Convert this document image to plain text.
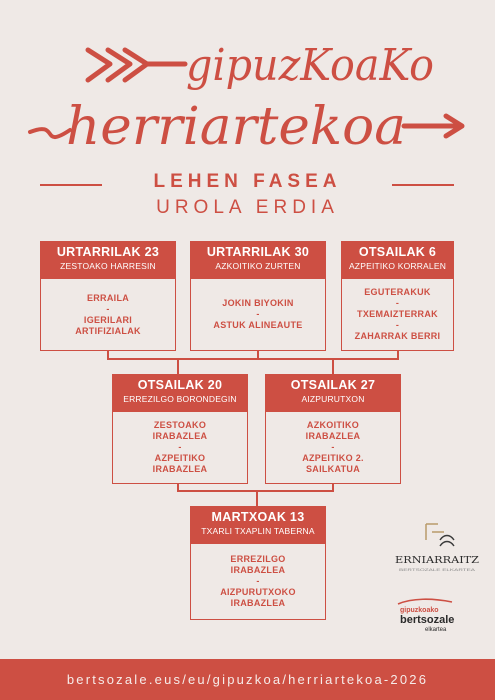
gipuzKoaKo
herriartekoa
LEHEN FASEA
UROLA ERDIA
URTARRILAK 23
ZESTOAKO HARRESIN
ERRAILA
-
IGERILARI
ARTIFIZIALAK
URTARRILAK 30
AZKOITIKO ZURTEN
JOKIN BIYOKIN
-
ASTUK ALINEAUTE
OTSAILAK 6
AZPEITIKO KORRALEN
EGUTERAKUK
-
TXEMAIZTERRAK
-
ZAHARRAK BERRI
OTSAILAK 20
ERREZILGO BORONDEGIN
ZESTOAKO
IRABAZLEA
-
AZPEITIKO
IRABAZLEA
OTSAILAK 27
AIZPURUTXON
AZKOITIKO
IRABAZLEA
-
AZPEITIKO 2.
SAILKATUA
MARTXOAK 13
TXARLI TXAPLIN TABERNA
ERREZILGO
IRABAZLEA
-
AIZPURUTXOKO
IRABAZLEA
ERNIARRAITZ
BERTSOZALE ELKARTEA
gipuzkoako
bertsozale
elkartea
bertsozale.eus/eu/gipuzkoa/herriartekoa-2026
